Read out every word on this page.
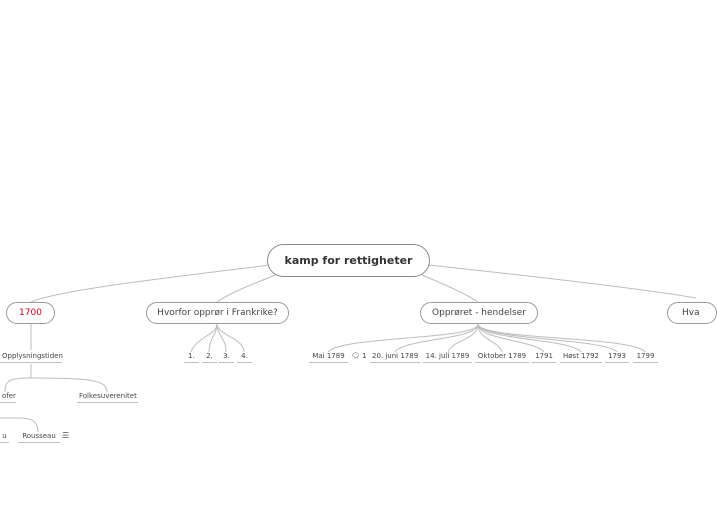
kamp for rettigheter
1700	Hvorfor opprør i Frankrike?	Opprøret - hendelser	Hva
Opplysningstiden
ofer	Folkesuverenitet
u	Rousseau ☰
1.	2.	3.	4.	Mai 1789 🗨 1 20. juni 1789	14. juli 1789	Oktober 1789	1791	Høst 1792	1793	1799
